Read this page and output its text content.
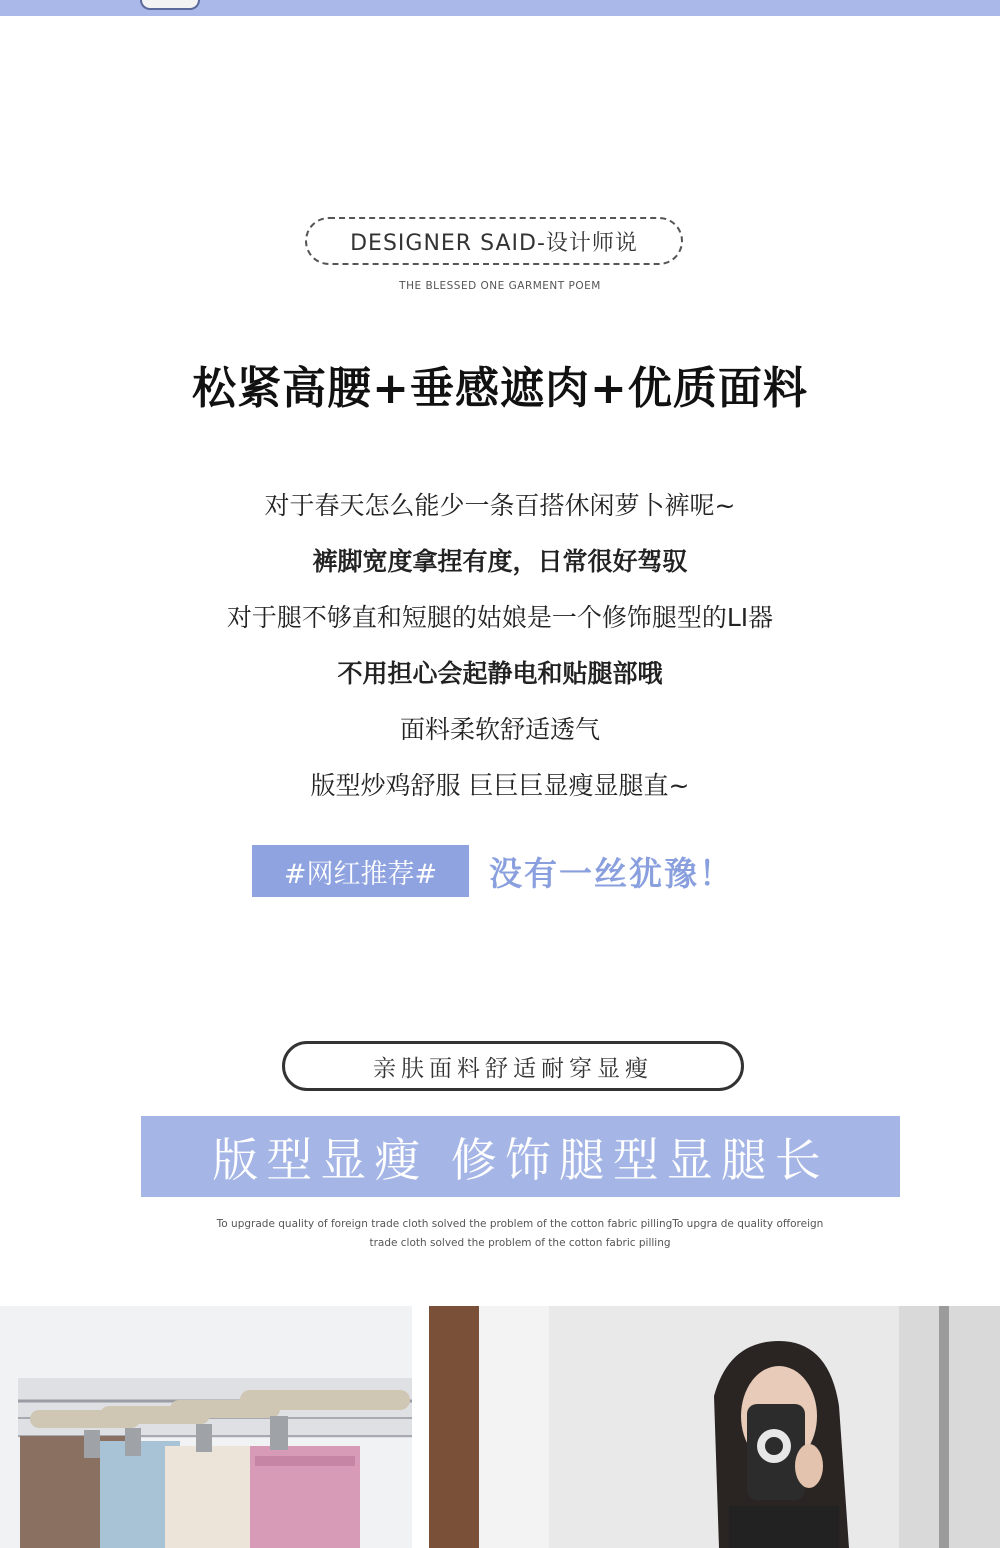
DESIGNER SAID-设计师说
THE BLESSED ONE GARMENT POEM
松紧高腰+垂感遮肉+优质面料
对于春天怎么能少一条百搭休闲萝卜裤呢~
裤脚宽度拿捏有度，日常很好驾驭
对于腿不够直和短腿的姑娘是一个修饰腿型的LI器
不用担心会起静电和贴腿部哦
面料柔软舒适透气
版型炒鸡舒服 巨巨巨显瘦显腿直~
#网红推荐#	没有一丝犹豫！
亲肤面料舒适耐穿显瘦
版型显瘦 修饰腿型显腿长
To upgrade quality of foreign trade cloth solved the problem of the cotton fabric pillingTo upgra de quality offoreign
trade cloth solved the problem of the cotton fabric pilling
